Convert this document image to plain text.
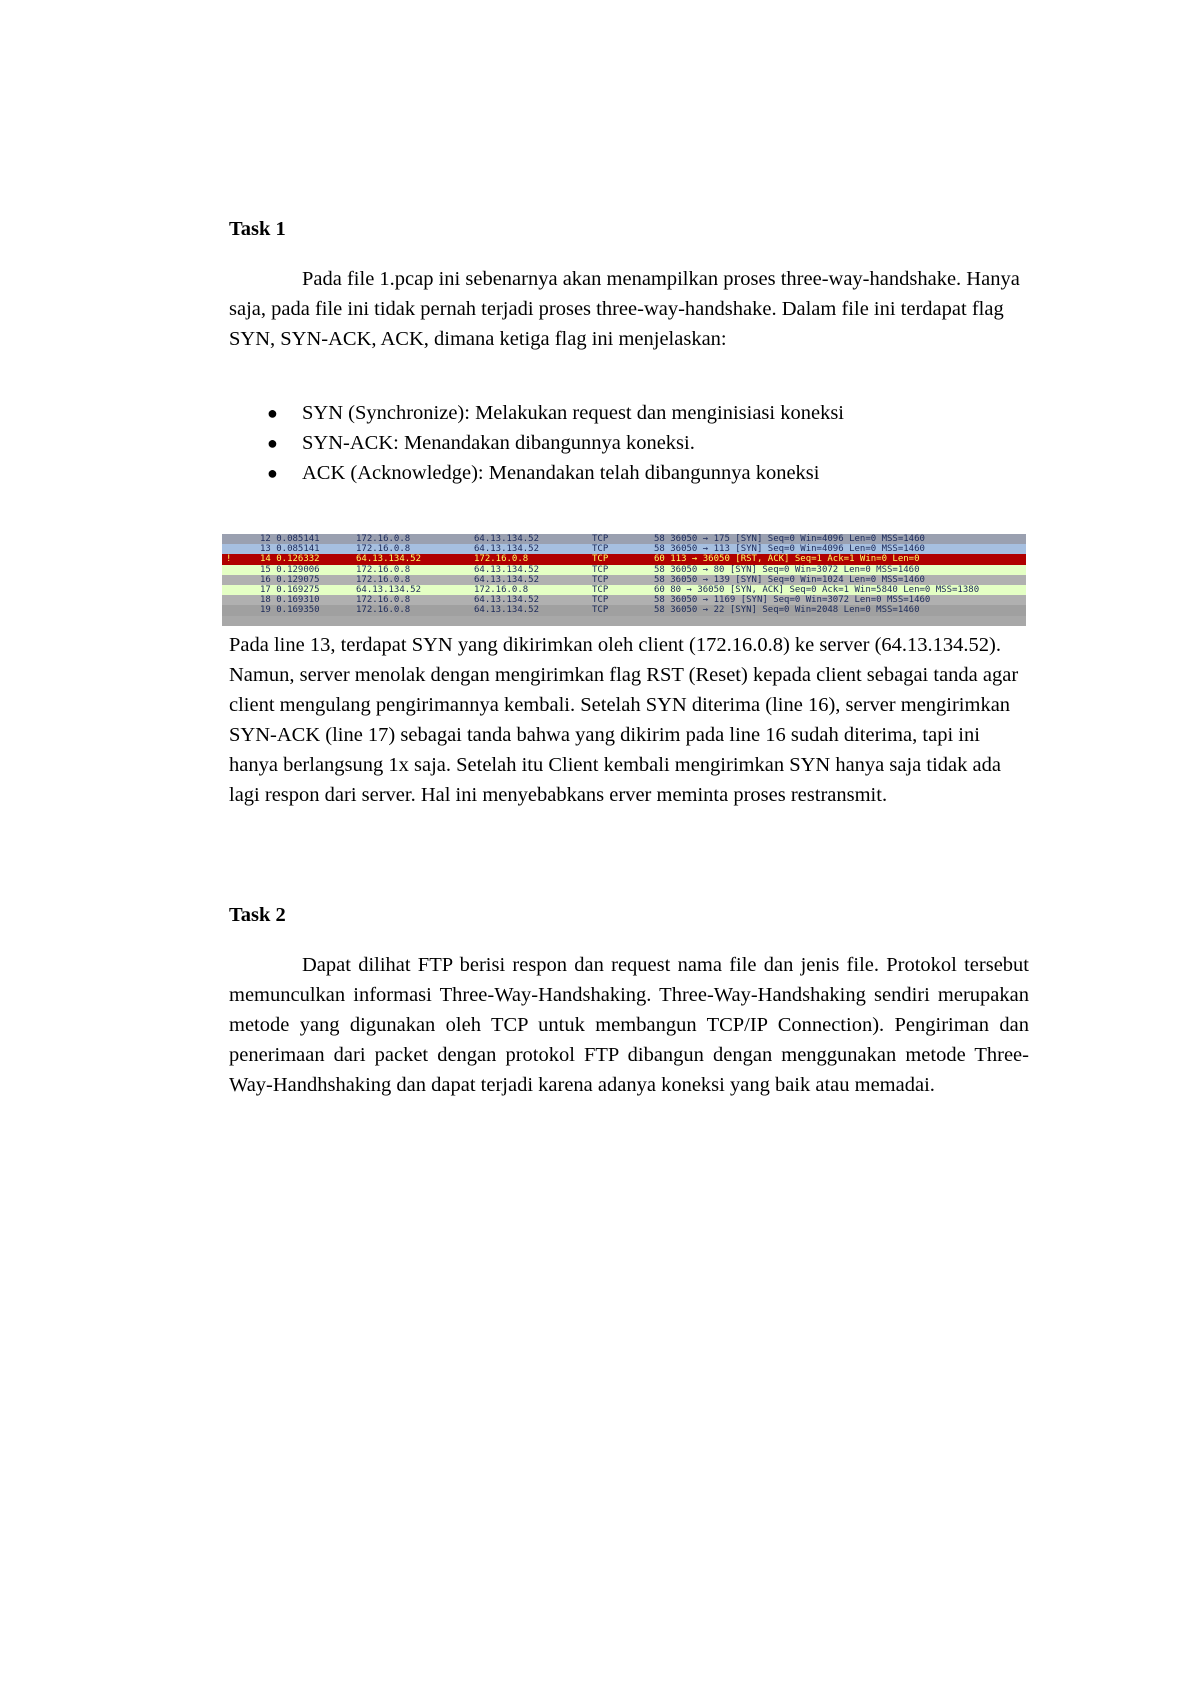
Task 1

Pada file 1.pcap ini sebenarnya akan menampilkan proses three-way-handshake. Hanya saja, pada file ini tidak pernah terjadi proses three-way-handshake. Dalam file ini terdapat flag SYN, SYN-ACK, ACK, dimana ketiga flag ini menjelaskan:

● SYN (Synchronize): Melakukan request dan menginisiasi koneksi
● SYN-ACK: Menandakan dibangunnya koneksi.
● ACK (Acknowledge): Menandakan telah dibangunnya koneksi
12 0.085141	172.16.0.8	64.13.134.52	TCP	58 36050 → 175 [SYN] Seq=0 Win=4096 Len=0 MSS=1460
13 0.085141	172.16.0.8	64.13.134.52	TCP	58 36050 → 113 [SYN] Seq=0 Win=4096 Len=0 MSS=1460
!	14 0.126332	64.13.134.52	172.16.0.8	TCP	60 113 → 36050 [RST, ACK] Seq=1 Ack=1 Win=0 Len=0
15 0.129006	172.16.0.8	64.13.134.52	TCP	58 36050 → 80 [SYN] Seq=0 Win=3072 Len=0 MSS=1460
16 0.129075	172.16.0.8	64.13.134.52	TCP	58 36050 → 139 [SYN] Seq=0 Win=1024 Len=0 MSS=1460
17 0.169275	64.13.134.52	172.16.0.8	TCP	60 80 → 36050 [SYN, ACK] Seq=0 Ack=1 Win=5840 Len=0 MSS=1380
18 0.169310	172.16.0.8	64.13.134.52	TCP	58 36050 → 1169 [SYN] Seq=0 Win=3072 Len=0 MSS=1460
19 0.169350	172.16.0.8	64.13.134.52	TCP	58 36050 → 22 [SYN] Seq=0 Win=2048 Len=0 MSS=1460

Pada line 13, terdapat SYN yang dikirimkan oleh client (172.16.0.8) ke server (64.13.134.52). Namun, server menolak dengan mengirimkan flag RST (Reset) kepada client sebagai tanda agar client mengulang pengirimannya kembali. Setelah SYN diterima (line 16), server mengirimkan SYN-ACK (line 17) sebagai tanda bahwa yang dikirim pada line 16 sudah diterima, tapi ini hanya berlangsung 1x saja. Setelah itu Client kembali mengirimkan SYN hanya saja tidak ada lagi respon dari server. Hal ini menyebabkans erver meminta proses restransmit.

Task 2

Dapat dilihat FTP berisi respon dan request nama file dan jenis file. Protokol tersebut memunculkan informasi Three-Way-Handshaking. Three-Way-Handshaking sendiri merupakan metode yang digunakan oleh TCP untuk membangun TCP/IP Connection). Pengiriman dan penerimaan dari packet dengan protokol FTP dibangun dengan menggunakan metode Three-Way-Handhshaking dan dapat terjadi karena adanya koneksi yang baik atau memadai.
